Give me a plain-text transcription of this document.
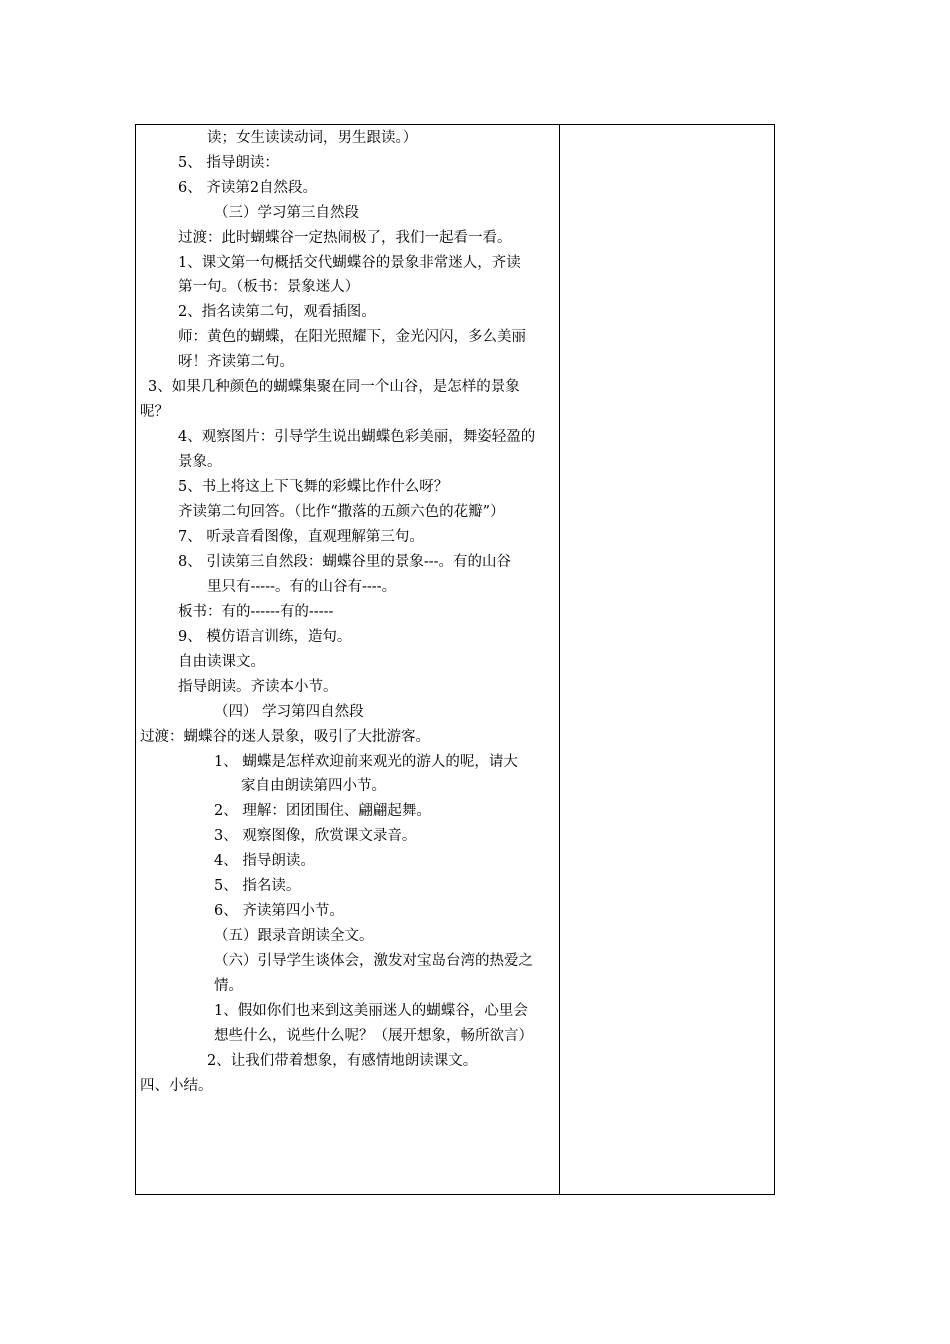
读；女生读读动词，男生跟读。）
5、 指导朗读：
6、 齐读第2自然段。
（三）学习第三自然段
过渡：此时蝴蝶谷一定热闹极了，我们一起看一看。
1、课文第一句概括交代蝴蝶谷的景象非常迷人，齐读
第一句。（板书：景象迷人）
2、指名读第二句，观看插图。
师：黄色的蝴蝶，在阳光照耀下，金光闪闪，多么美丽
呀！齐读第二句。
3、如果几种颜色的蝴蝶集聚在同一个山谷，是怎样的景象
呢？
4、观察图片：引导学生说出蝴蝶色彩美丽，舞姿轻盈的
景象。
5、书上将这上下飞舞的彩蝶比作什么呀？
齐读第二句回答。（比作“撒落的五颜六色的花瓣”）
7、 听录音看图像，直观理解第三句。
8、 引读第三自然段：蝴蝶谷里的景象---。有的山谷
里只有-----。有的山谷有----。
板书：有的------有的-----
9、 模仿语言训练，造句。
自由读课文。
指导朗读。齐读本小节。
（四） 学习第四自然段
过渡：蝴蝶谷的迷人景象，吸引了大批游客。
1、 蝴蝶是怎样欢迎前来观光的游人的呢，请大
家自由朗读第四小节。
2、 理解：团团围住、翩翩起舞。
3、 观察图像，欣赏课文录音。
4、 指导朗读。
5、 指名读。
6、 齐读第四小节。
（五）跟录音朗读全文。
（六）引导学生谈体会，激发对宝岛台湾的热爱之
情。
1、假如你们也来到这美丽迷人的蝴蝶谷，心里会
想些什么，说些什么呢？（展开想象，畅所欲言）
2、让我们带着想象，有感情地朗读课文。
四、小结。
